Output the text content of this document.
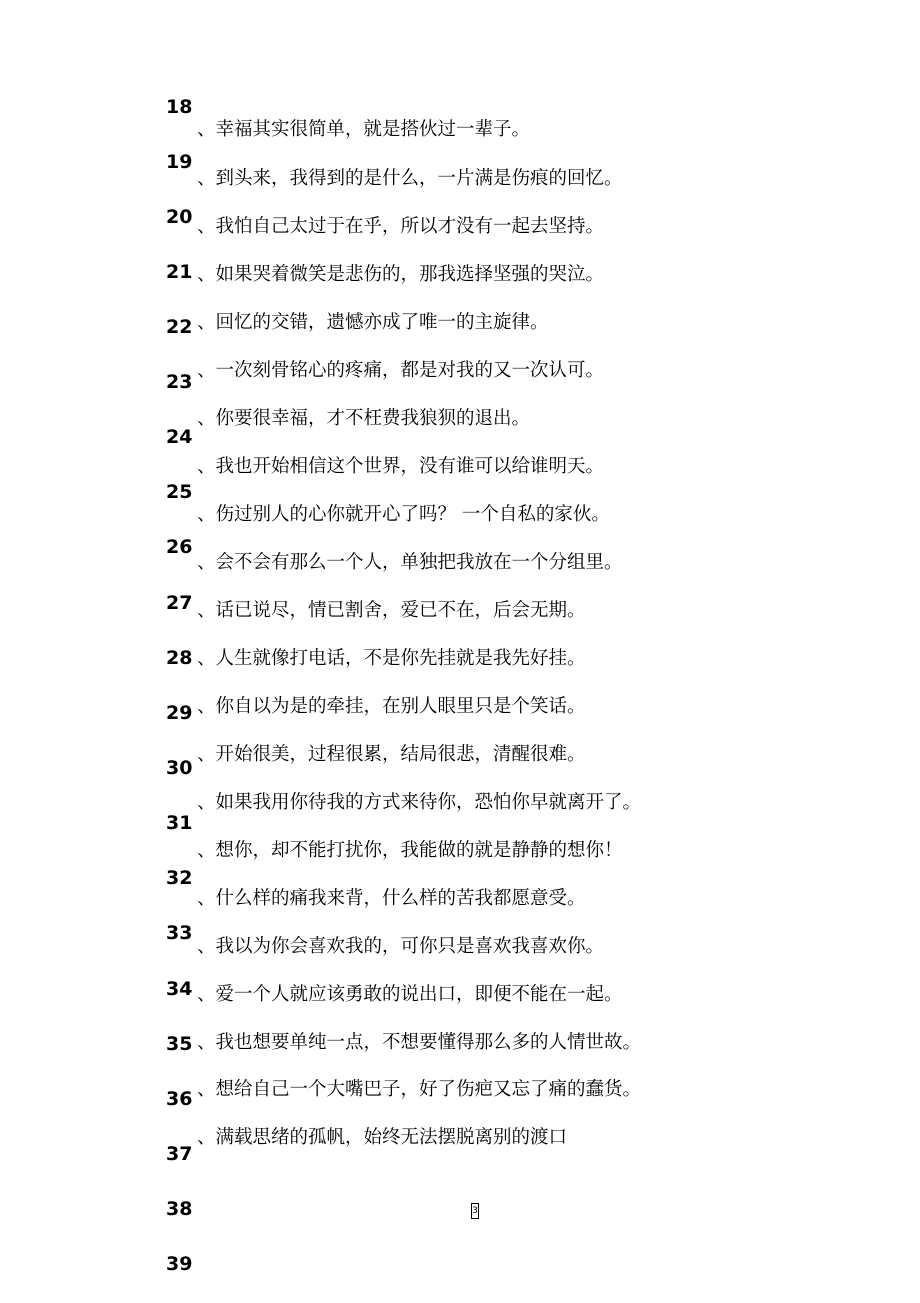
18
19
20
21
22
23
24
25
26
27
28
29
30
31
32
33
34
35
36
37
38
39
、幸福其实很简单，就是搭伙过一辈子。
、到头来，我得到的是什么，一片满是伤痕的回忆。
、我怕自己太过于在乎，所以才没有一起去坚持。
、如果哭着微笑是悲伤的，那我选择坚强的哭泣。
、回忆的交错，遗憾亦成了唯一的主旋律。
、一次刻骨铭心的疼痛，都是对我的又一次认可。
、你要很幸福，才不枉费我狼狈的退出。
、我也开始相信这个世界，没有谁可以给谁明天。
、伤过别人的心你就开心了吗？ 一个自私的家伙。
、会不会有那么一个人，单独把我放在一个分组里。
、话已说尽，情已割舍，爱已不在，后会无期。
、人生就像打电话，不是你先挂就是我先好挂。
、你自以为是的牵挂，在别人眼里只是个笑话。
、开始很美，过程很累，结局很悲，清醒很难。
、如果我用你待我的方式来待你，恐怕你早就离开了。
、想你，却不能打扰你，我能做的就是静静的想你！
、什么样的痛我来背，什么样的苦我都愿意受。
、我以为你会喜欢我的，可你只是喜欢我喜欢你。
、爱一个人就应该勇敢的说出口，即便不能在一起。
、我也想要单纯一点，不想要懂得那么多的人情世故。
、想给自己一个大嘴巴子，好了伤疤又忘了痛的蠢货。
、满载思绪的孤帆，始终无法摆脱离别的渡口
3
